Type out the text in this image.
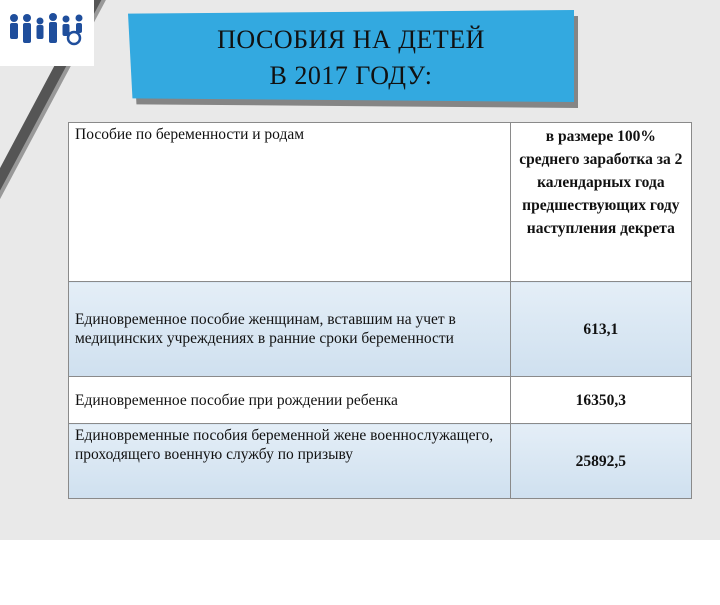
ПОСОБИЯ НА ДЕТЕЙ
В 2017 ГОДУ:
Пособие по беременности и родам	в размере 100% среднего заработка за 2 календарных года предшествующих году наступления декрета
Единовременное пособие женщинам, вставшим на учет в медицинских учреждениях в ранние сроки беременности	613,1
Единовременное пособие при рождении ребенка	16350,3
Единовременные пособия беременной жене военнослужащего, проходящего военную службу по призыву	25892,5
